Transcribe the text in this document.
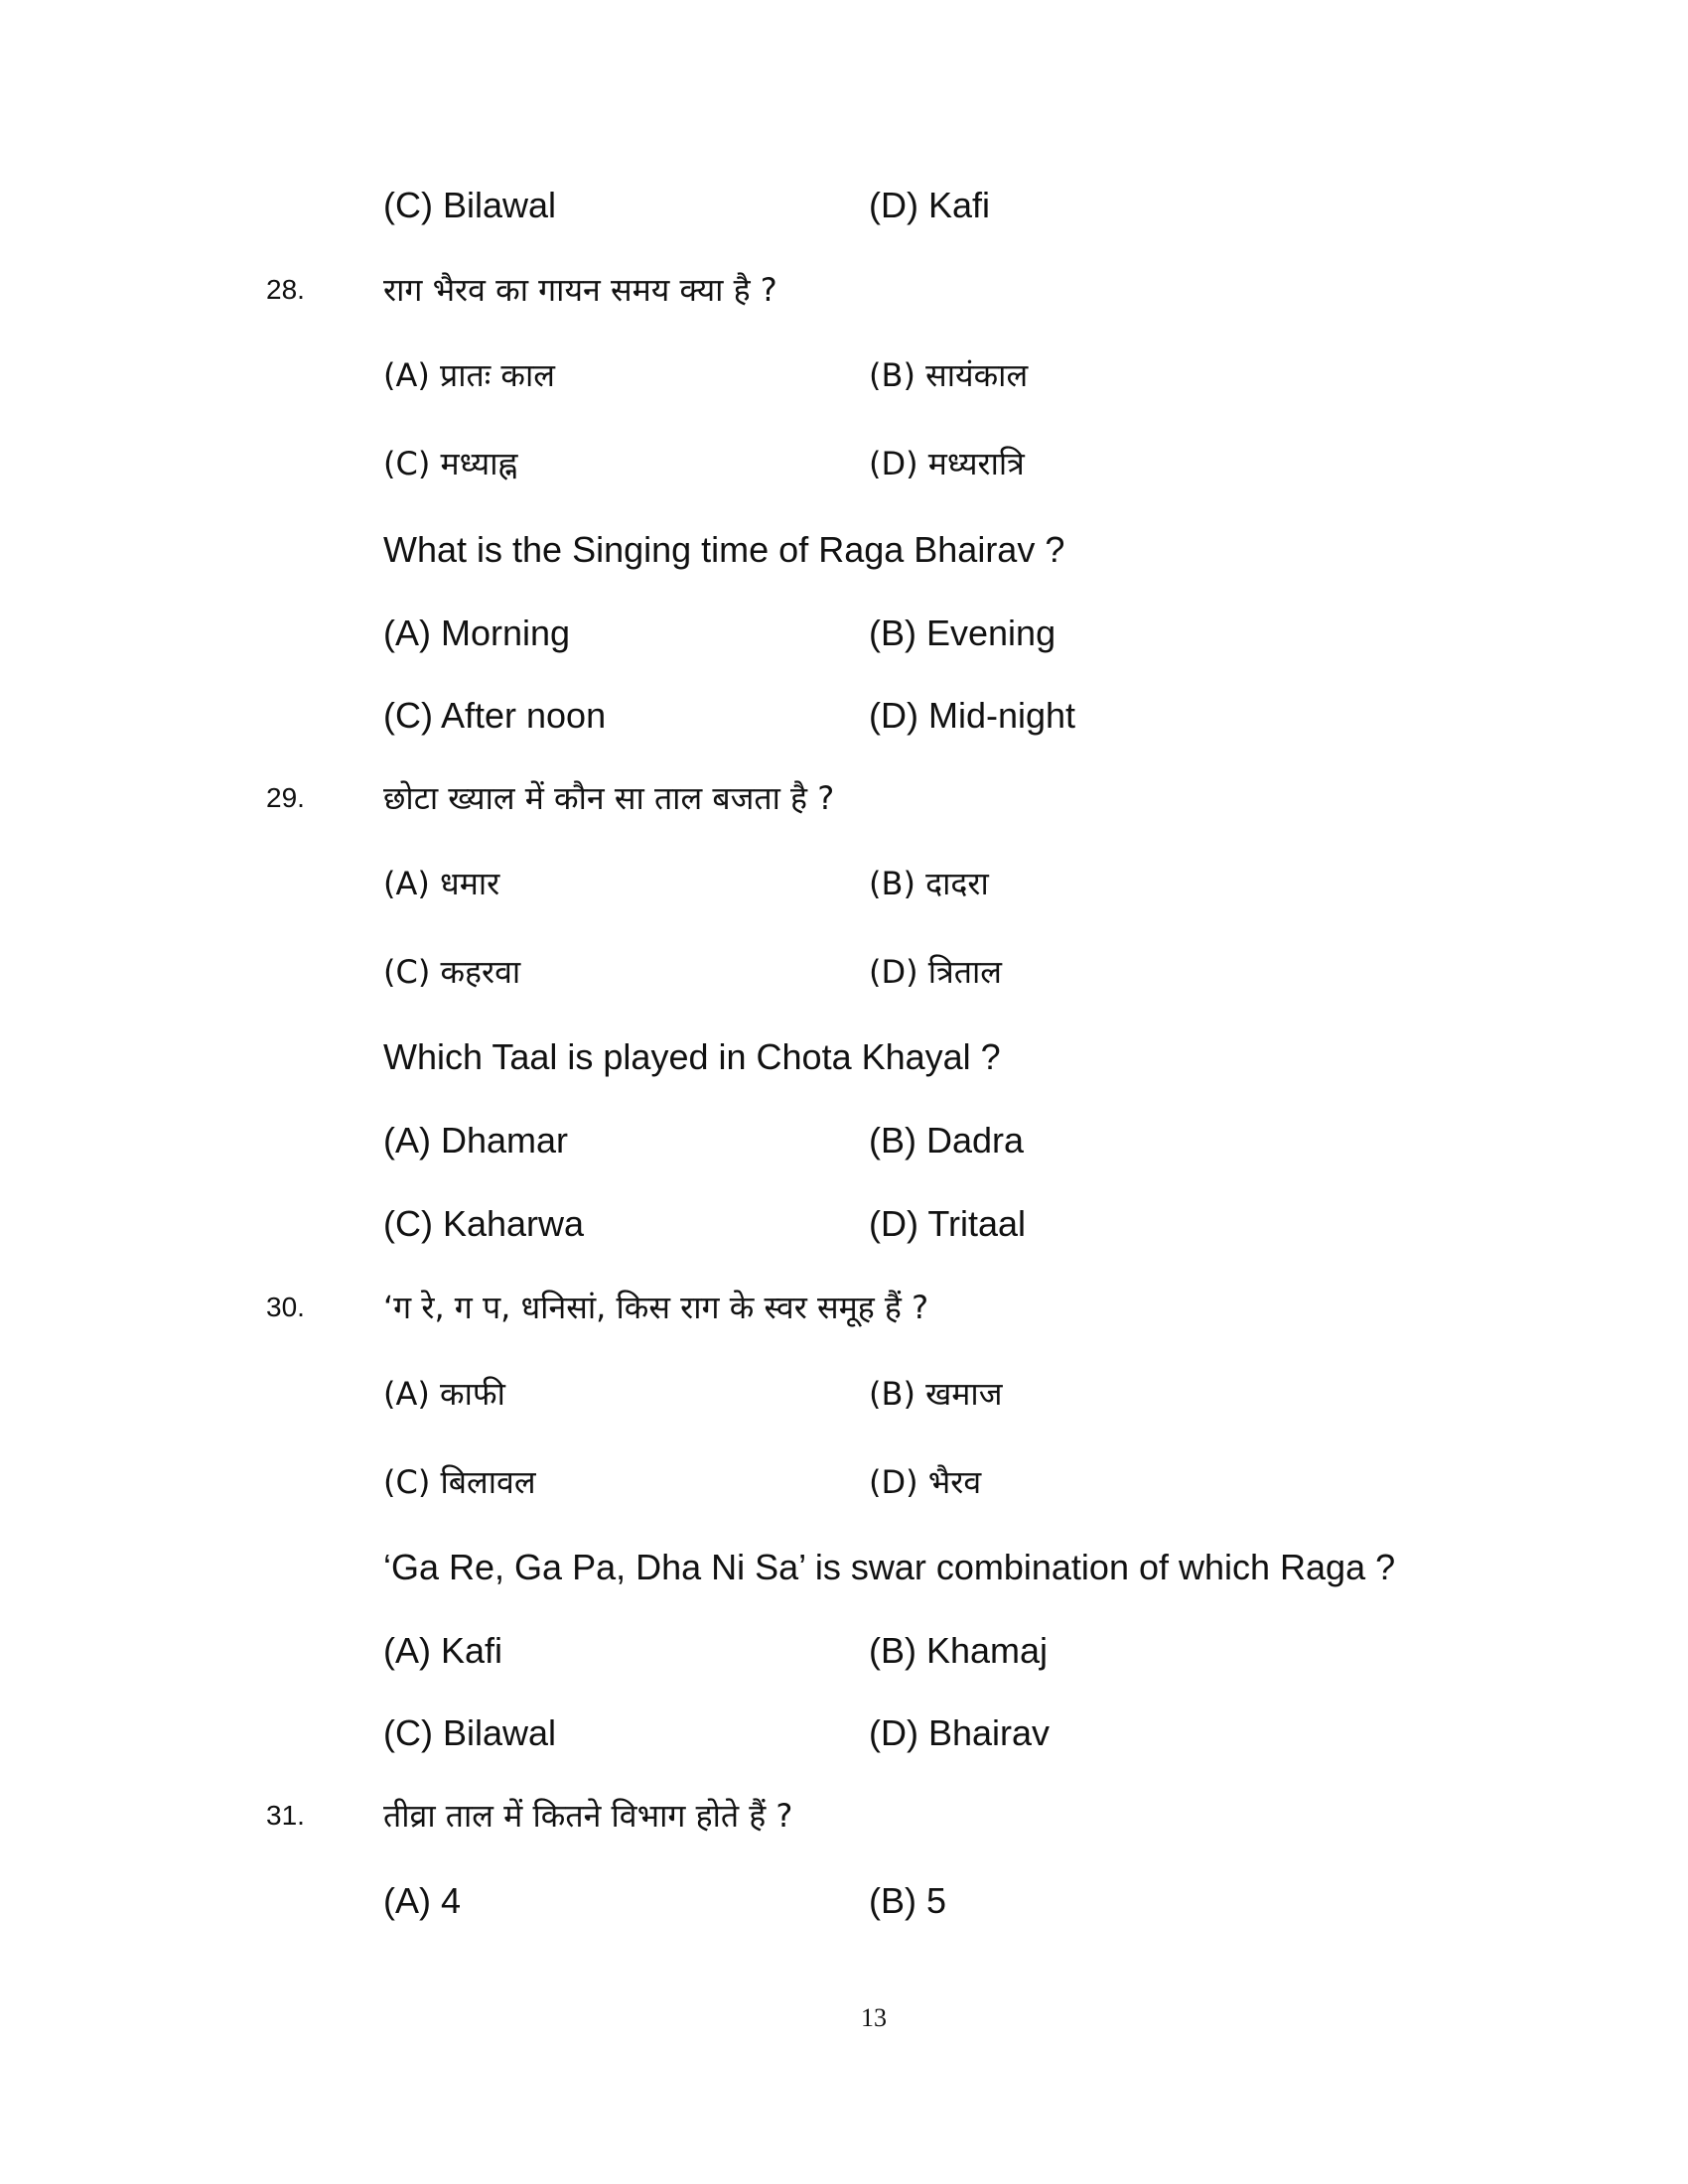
(C) Bilawal	(D) Kafi
28. राग भैरव का गायन समय क्या है ?
(A) प्रातः काल	(B) सायंकाल
(C) मध्याह्न	(D) मध्यरात्रि
What is the Singing time of Raga Bhairav ?
(A) Morning	(B) Evening
(C) After noon	(D) Mid-night
29. छोटा ख्याल में कौन सा ताल बजता है ?
(A) धमार	(B) दादरा
(C) कहरवा	(D) त्रिताल
Which Taal is played in Chota Khayal ?
(A) Dhamar	(B) Dadra
(C) Kaharwa	(D) Tritaal
30. ‘ग रे, ग प, धनिसां, किस राग के स्वर समूह हैं ?
(A) काफी	(B) खमाज
(C) बिलावल	(D) भैरव
‘Ga Re, Ga Pa, Dha Ni Sa’ is swar combination of which Raga ?
(A) Kafi	(B) Khamaj
(C) Bilawal	(D) Bhairav
31. तीव्रा ताल में कितने विभाग होते हैं ?
(A) 4	(B) 5
13
